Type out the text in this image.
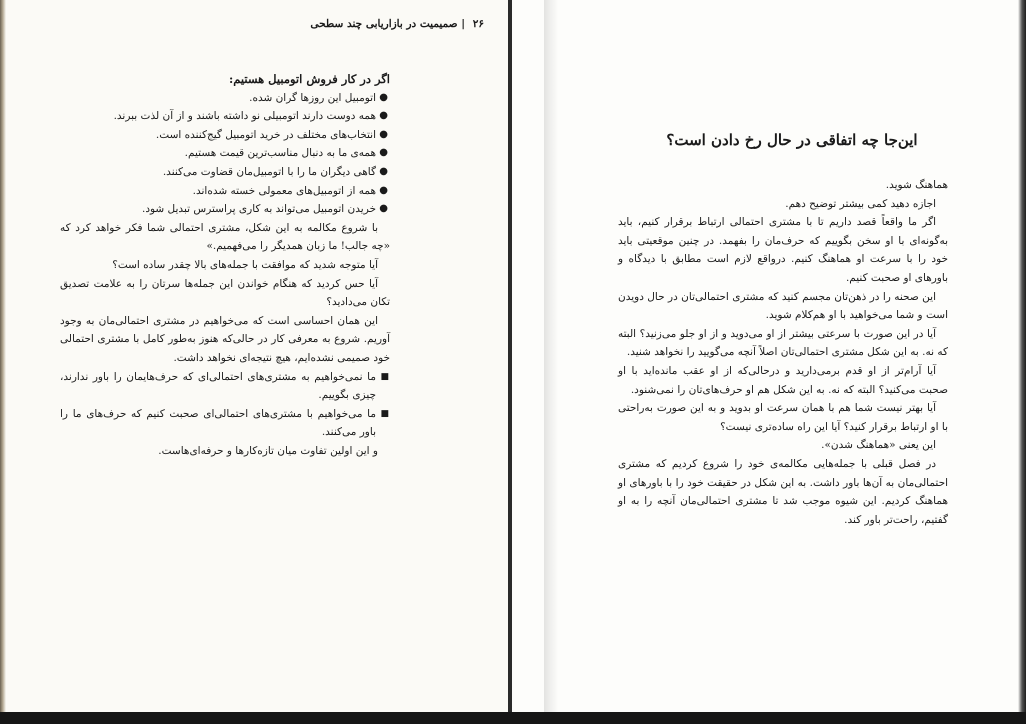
۲۶ | صمیمیت در بازاریابی چند سطحی

اگر در کار فروش اتومبیل هستیم:

●
اتومبیل این روزها گران شده.
●
همه دوست دارند اتومبیلی نو داشته باشند و از آن لذت ببرند.
●
انتخاب‌های مختلف در خرید اتومبیل گیج‌کننده است.
●
همه‌ی ما به دنبال مناسب‌ترین قیمت هستیم.
●
گاهی دیگران ما را با اتومبیل‌مان قضاوت می‌کنند.
●
همه از اتومبیل‌های معمولی خسته شده‌اند.
●
خریدن اتومبیل می‌تواند به کاری پراسترس تبدیل شود.

با شروع مکالمه به این شکل، مشتری احتمالی شما فکر خواهد کرد که «چه جالب! ما زبان همدیگر را می‌فهمیم.»

آیا متوجه شدید که موافقت با جمله‌های بالا چقدر ساده است؟

آیا حس کردید که هنگام خواندن این جمله‌ها سرتان را به علامت تصدیق تکان می‌دادید؟

این همان احساسی است که می‌خواهیم در مشتری احتمالی‌مان به وجود آوریم. شروع به معرفی کار در حالی‌که هنوز به‌طور کامل با مشتری احتمالی خود صمیمی نشده‌ایم، هیچ نتیجه‌ای نخواهد داشت.

■
ما نمی‌خواهیم به مشتری‌های احتمالی‌ای که حرف‌هایمان را باور ندارند، چیزی بگوییم.
■
ما می‌خواهیم با مشتری‌های احتمالی‌ای صحبت کنیم که حرف‌های ما را باور می‌کنند.

و این اولین تفاوت میان تازه‌کارها و حرفه‌ای‌هاست.

این‌جا چه اتفاقی در حال رخ دادن است؟

هماهنگ شوید.

اجازه دهید کمی بیشتر توضیح دهم.

اگر ما واقعاً قصد داریم تا با مشتری احتمالی ارتباط برقرار کنیم، باید به‌گونه‌ای با او سخن بگوییم که حرف‌مان را بفهمد. در چنین موقعیتی باید خود را با سرعت او هماهنگ کنیم. درواقع لازم است مطابق با دیدگاه و باورهای او صحبت کنیم.

این صحنه را در ذهن‌تان مجسم کنید که مشتری احتمالی‌تان در حال دویدن است و شما می‌خواهید با او هم‌کلام شوید.

آیا در این صورت با سرعتی بیشتر از او می‌دوید و از او جلو می‌زنید؟ البته که نه. به این شکل مشتری احتمالی‌تان اصلاً آنچه می‌گویید را نخواهد شنید.

آیا آرام‌تر از او قدم برمی‌دارید و درحالی‌که از او عقب مانده‌اید با او صحبت می‌کنید؟ البته که نه. به این شکل هم او حرف‌های‌تان را نمی‌شنود.

آیا بهتر نیست شما هم با همان سرعت او بدوید و به این صورت به‌راحتی با او ارتباط برقرار کنید؟ آیا این راه ساده‌تری نیست؟

این یعنی «هماهنگ شدن».

در فصل قبلی با جمله‌هایی مکالمه‌ی خود را شروع کردیم که مشتری احتمالی‌مان به آن‌ها باور داشت. به این شکل در حقیقت خود را با باورهای او هماهنگ کردیم. این شیوه موجب شد تا مشتری احتمالی‌مان آنچه را به او گفتیم، راحت‌تر باور کند.
